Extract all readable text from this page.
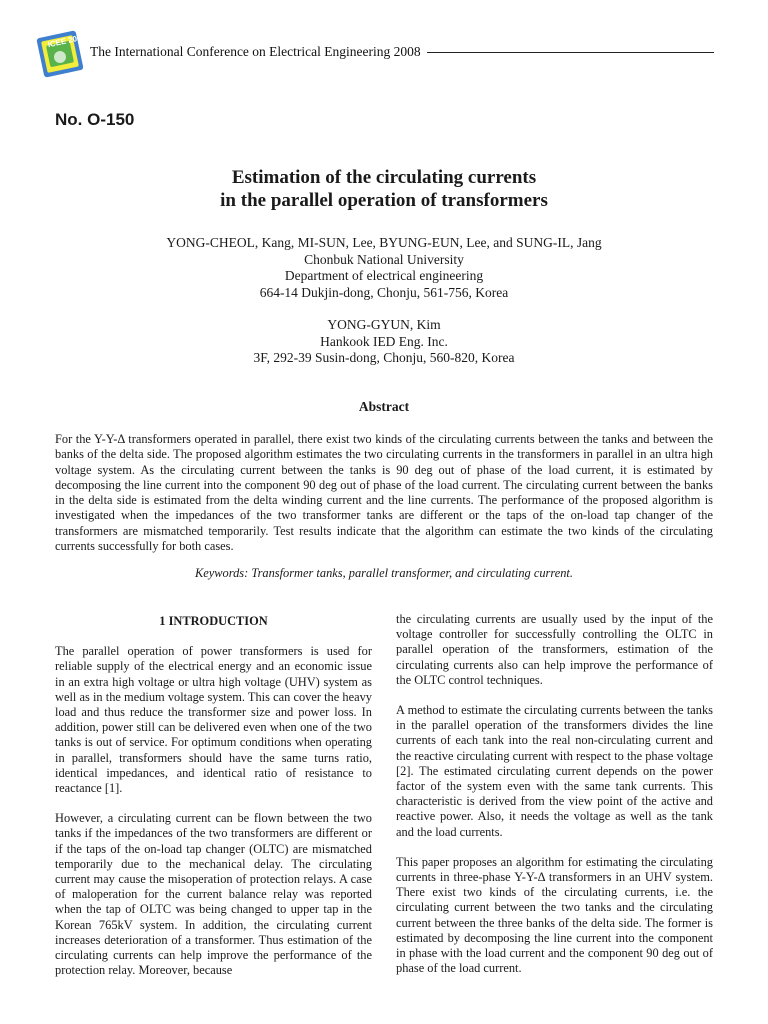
ICEE 2008
The International Conference on Electrical Engineering 2008
No. O-150
Estimation of the circulating currents
in the parallel operation of transformers
YONG-CHEOL, Kang, MI-SUN, Lee, BYUNG-EUN, Lee, and SUNG-IL, Jang
Chonbuk National University
Department of electrical engineering
664-14 Dukjin-dong, Chonju, 561-756, Korea
YONG-GYUN, Kim
Hankook IED Eng. Inc.
3F, 292-39 Susin-dong, Chonju, 560-820, Korea
Abstract

For the Y-Y-Δ transformers operated in parallel, there exist two kinds of the circulating currents between the tanks and between the banks of the delta side. The proposed algorithm estimates the two circulating currents in the transformers in parallel in an ultra high voltage system. As the circulating current between the tanks is 90 deg out of phase of the load current, it is estimated by decomposing the line current into the component 90 deg out of phase of the load current. The circulating current between the banks in the delta side is estimated from the delta winding current and the line currents. The performance of the proposed algorithm is investigated when the impedances of the two transformer tanks are different or the taps of the on-load tap changer of the transformers are mismatched temporarily. Test results indicate that the algorithm can estimate the two kinds of the circulating currents successfully for both cases.

Keywords: Transformer tanks, parallel transformer, and circulating current.
1 INTRODUCTION

The parallel operation of power transformers is used for reliable supply of the electrical energy and an economic issue in an extra high voltage or ultra high voltage (UHV) system as well as in the medium voltage system. This can cover the heavy load and thus reduce the transformer size and power loss. In addition, power still can be delivered even when one of the two tanks is out of service. For optimum conditions when operating in parallel, transformers should have the same turns ratio, identical impedances, and identical ratio of resistance to reactance [1].

However, a circulating current can be flown between the two tanks if the impedances of the two transformers are different or if the taps of the on-load tap changer (OLTC) are mismatched temporarily due to the mechanical delay. The circulating current may cause the misoperation of protection relays. A case of maloperation for the current balance relay was reported when the tap of OLTC was being changed to upper tap in the Korean 765kV system. In addition, the circulating current increases deterioration of a transformer. Thus estimation of the circulating currents can help improve the performance of the protection relay. Moreover, because

the circulating currents are usually used by the input of the voltage controller for successfully controlling the OLTC in parallel operation of the transformers, estimation of the circulating currents also can help improve the performance of the OLTC control techniques.

A method to estimate the circulating currents between the tanks in the parallel operation of the transformers divides the line currents of each tank into the real non-circulating current and the reactive circulating current with respect to the phase voltage [2]. The estimated circulating current depends on the power factor of the system even with the same tank currents. This characteristic is derived from the view point of the active and reactive power. Also, it needs the voltage as well as the tank and the load currents.

This paper proposes an algorithm for estimating the circulating currents in three-phase Y-Y-Δ transformers in an UHV system. There exist two kinds of the circulating currents, i.e. the circulating current between the two tanks and the circulating current between the three banks of the delta side. The former is estimated by decomposing the line current into the component in phase with the load current and the component 90 deg out of phase of the load current.
